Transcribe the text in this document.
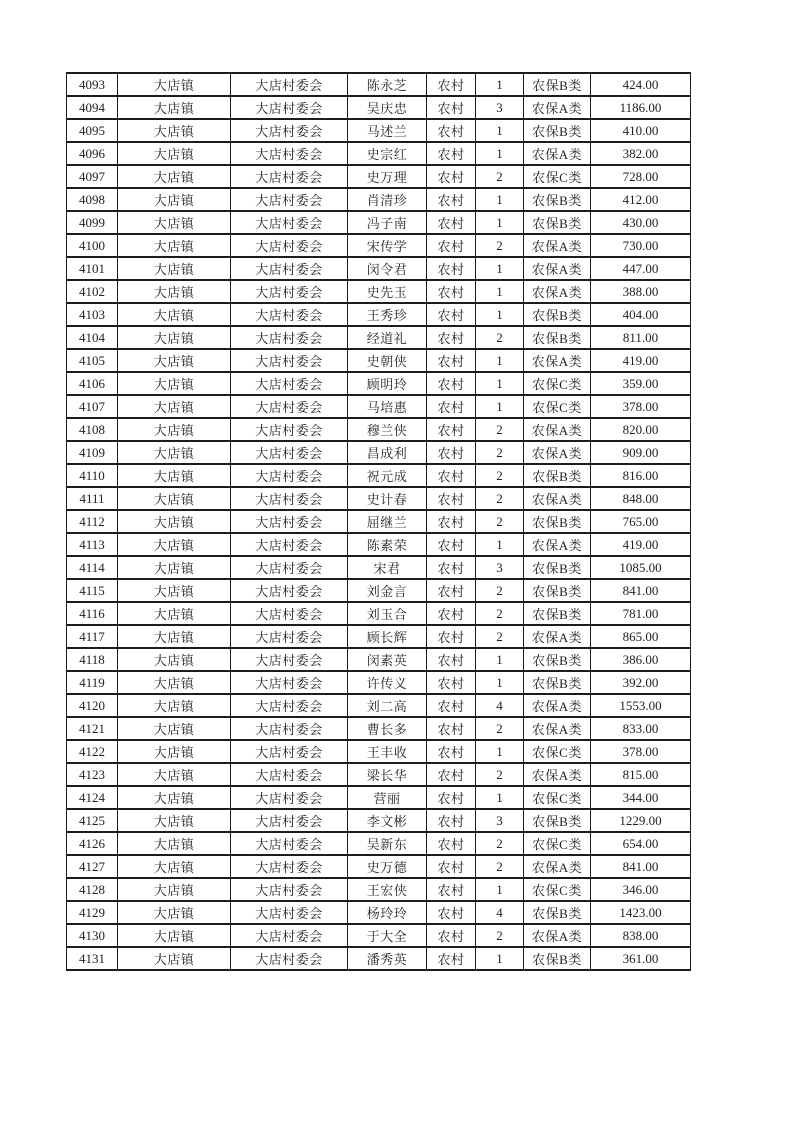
4093	大店镇	大店村委会	陈永芝	农村	1	农保B类	424.00
4094	大店镇	大店村委会	吴庆忠	农村	3	农保A类	1186.00
4095	大店镇	大店村委会	马述兰	农村	1	农保B类	410.00
4096	大店镇	大店村委会	史宗红	农村	1	农保A类	382.00
4097	大店镇	大店村委会	史万理	农村	2	农保C类	728.00
4098	大店镇	大店村委会	肖清珍	农村	1	农保B类	412.00
4099	大店镇	大店村委会	冯子南	农村	1	农保B类	430.00
4100	大店镇	大店村委会	宋传学	农村	2	农保A类	730.00
4101	大店镇	大店村委会	闵令君	农村	1	农保A类	447.00
4102	大店镇	大店村委会	史先玉	农村	1	农保A类	388.00
4103	大店镇	大店村委会	王秀珍	农村	1	农保B类	404.00
4104	大店镇	大店村委会	经道礼	农村	2	农保B类	811.00
4105	大店镇	大店村委会	史朝侠	农村	1	农保A类	419.00
4106	大店镇	大店村委会	顾明玲	农村	1	农保C类	359.00
4107	大店镇	大店村委会	马培惠	农村	1	农保C类	378.00
4108	大店镇	大店村委会	穆兰侠	农村	2	农保A类	820.00
4109	大店镇	大店村委会	昌成利	农村	2	农保A类	909.00
4110	大店镇	大店村委会	祝元成	农村	2	农保B类	816.00
4111	大店镇	大店村委会	史计春	农村	2	农保A类	848.00
4112	大店镇	大店村委会	屈继兰	农村	2	农保B类	765.00
4113	大店镇	大店村委会	陈素荣	农村	1	农保A类	419.00
4114	大店镇	大店村委会	宋君	农村	3	农保B类	1085.00
4115	大店镇	大店村委会	刘金言	农村	2	农保B类	841.00
4116	大店镇	大店村委会	刘玉合	农村	2	农保B类	781.00
4117	大店镇	大店村委会	顾长辉	农村	2	农保A类	865.00
4118	大店镇	大店村委会	闵素英	农村	1	农保B类	386.00
4119	大店镇	大店村委会	许传义	农村	1	农保B类	392.00
4120	大店镇	大店村委会	刘二高	农村	4	农保A类	1553.00
4121	大店镇	大店村委会	曹长多	农村	2	农保A类	833.00
4122	大店镇	大店村委会	王丰收	农村	1	农保C类	378.00
4123	大店镇	大店村委会	梁长华	农村	2	农保A类	815.00
4124	大店镇	大店村委会	营丽	农村	1	农保C类	344.00
4125	大店镇	大店村委会	李文彬	农村	3	农保B类	1229.00
4126	大店镇	大店村委会	吴新东	农村	2	农保C类	654.00
4127	大店镇	大店村委会	史万德	农村	2	农保A类	841.00
4128	大店镇	大店村委会	王宏侠	农村	1	农保C类	346.00
4129	大店镇	大店村委会	杨玲玲	农村	4	农保B类	1423.00
4130	大店镇	大店村委会	于大全	农村	2	农保A类	838.00
4131	大店镇	大店村委会	潘秀英	农村	1	农保B类	361.00
